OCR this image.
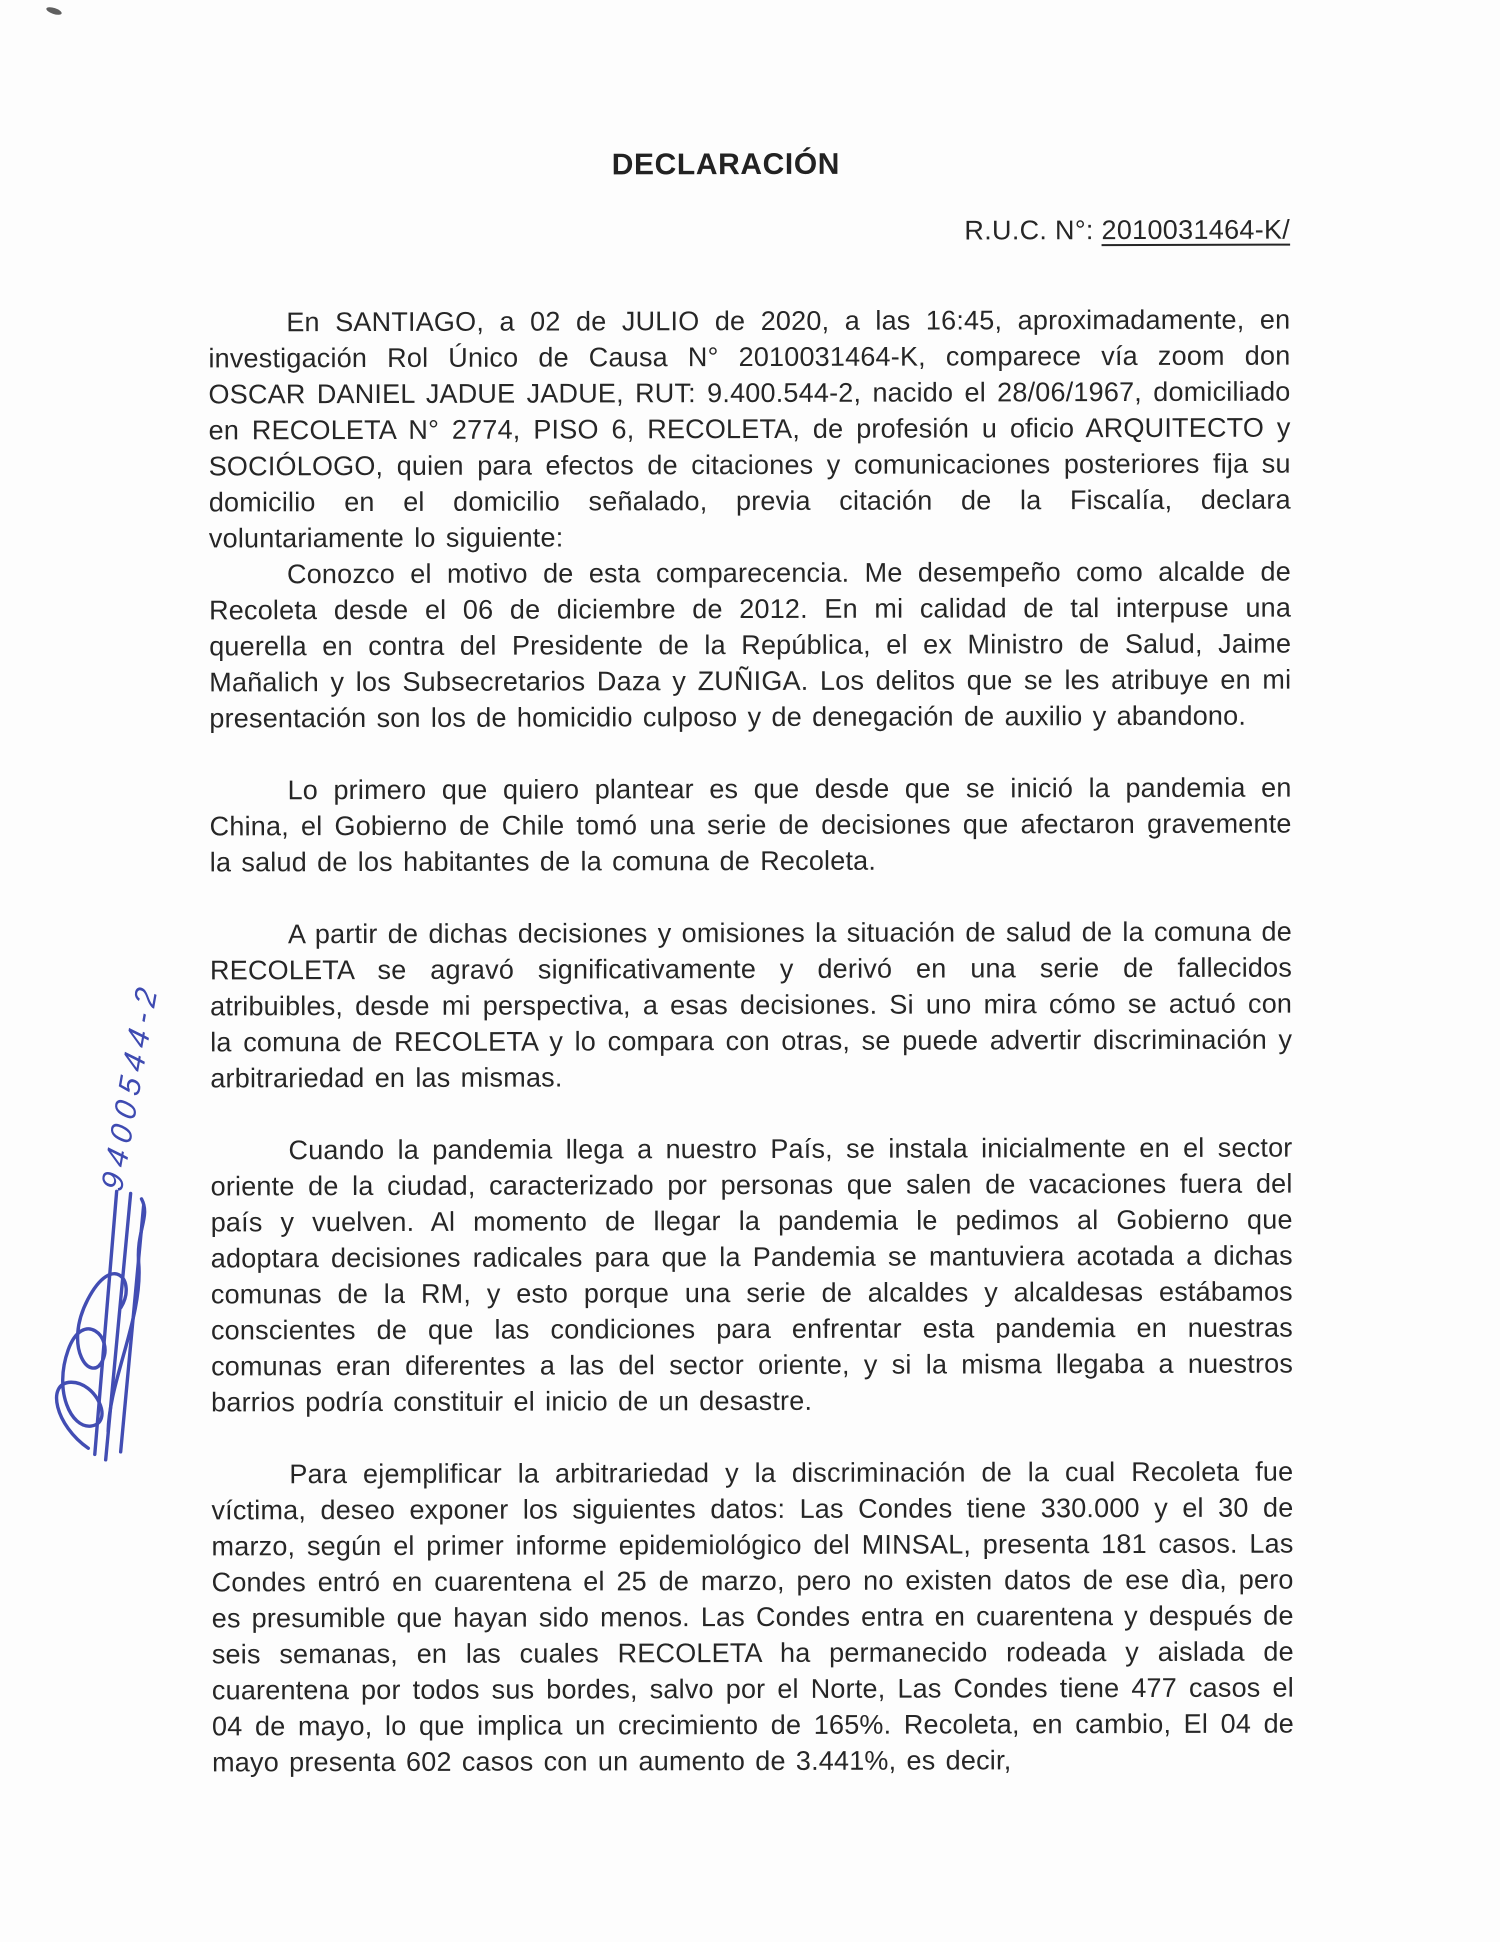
DECLARACIÓN
R.U.C. N°: 2010031464-K/

En SANTIAGO, a 02 de JULIO de 2020, a las 16:45, aproximadamente, en investigación Rol Único de Causa N° 2010031464-K, comparece vía zoom don OSCAR DANIEL JADUE JADUE, RUT: 9.400.544-2, nacido el 28/06/1967, domiciliado en RECOLETA N° 2774, PISO 6, RECOLETA, de profesión u oficio ARQUITECTO y SOCIÓLOGO, quien para efectos de citaciones y comunicaciones posteriores fija su domicilio en el domicilio señalado, previa citación de la Fiscalía, declara voluntariamente lo siguiente:

Conozco el motivo de esta comparecencia. Me desempeño como alcalde de Recoleta desde el 06 de diciembre de 2012. En mi calidad de tal interpuse una querella en contra del Presidente de la República, el ex Ministro de Salud, Jaime Mañalich y los Subsecretarios Daza y ZUÑIGA. Los delitos que se les atribuye en mi presentación son los de homicidio culposo y de denegación de auxilio y abandono.

Lo primero que quiero plantear es que desde que se inició la pandemia en China, el Gobierno de Chile tomó una serie de decisiones que afectaron gravemente la salud de los habitantes de la comuna de Recoleta.

A partir de dichas decisiones y omisiones la situación de salud de la comuna de RECOLETA se agravó significativamente y derivó en una serie de fallecidos atribuibles, desde mi perspectiva, a esas decisiones. Si uno mira cómo se actuó con la comuna de RECOLETA y lo compara con otras, se puede advertir discriminación y arbitrariedad en las mismas.

Cuando la pandemia llega a nuestro País, se instala inicialmente en el sector oriente de la ciudad, caracterizado por personas que salen de vacaciones fuera del país y vuelven. Al momento de llegar la pandemia le pedimos al Gobierno que adoptara decisiones radicales para que la Pandemia se mantuviera acotada a dichas comunas de la RM, y esto porque una serie de alcaldes y alcaldesas estábamos conscientes de que las condiciones para enfrentar esta pandemia en nuestras comunas eran diferentes a las del sector oriente, y si la misma llegaba a nuestros barrios podría constituir el inicio de un desastre.

Para ejemplificar la arbitrariedad y la discriminación de la cual Recoleta fue víctima, deseo exponer los siguientes datos: Las Condes tiene 330.000 y el 30 de marzo, según el primer informe epidemiológico del MINSAL, presenta 181 casos. Las Condes entró en cuarentena el 25 de marzo, pero no existen datos de ese dìa, pero es presumible que hayan sido menos. Las Condes entra en cuarentena y después de seis semanas, en las cuales RECOLETA ha permanecido rodeada y aislada de cuarentena por todos sus bordes, salvo por el Norte, Las Condes tiene 477 casos el 04 de mayo, lo que implica un crecimiento de 165%. Recoleta, en cambio, El 04 de mayo presenta 602 casos con un aumento de 3.441%, es decir,

9400544-2
